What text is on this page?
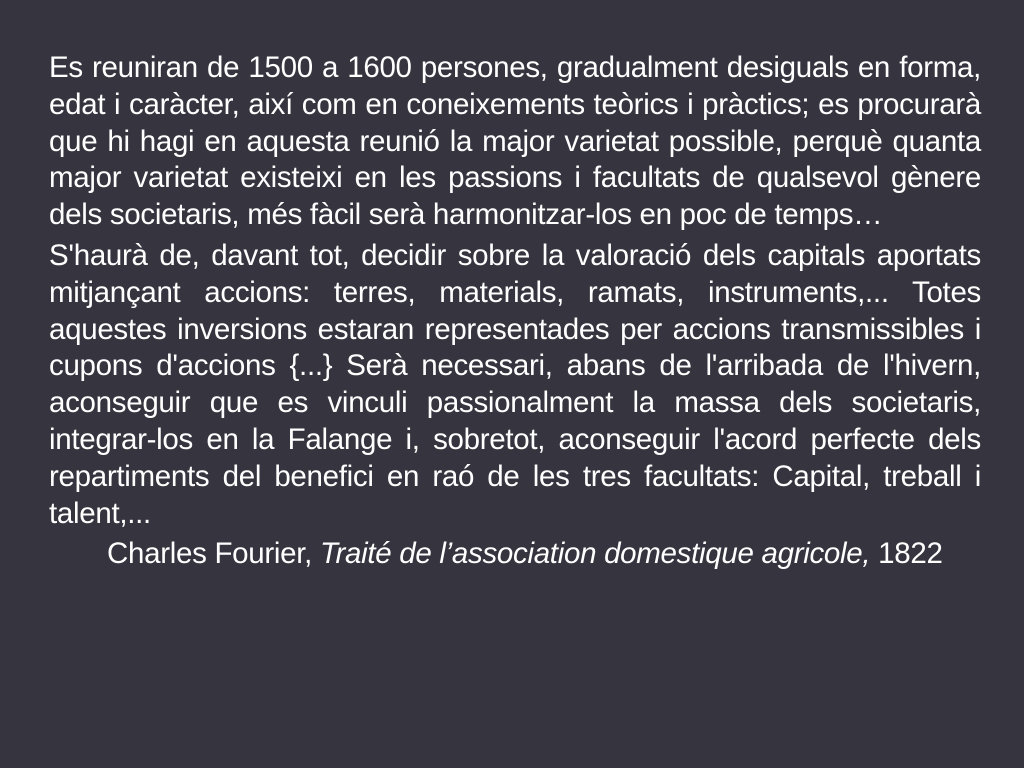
Es reuniran de 1500 a 1600 persones, gradualment desiguals en forma, edat i caràcter, així com en coneixements teòrics i pràctics; es procurarà que hi hagi en aquesta reunió la major varietat possible, perquè quanta major varietat existeixi en les passions i facultats de qualsevol gènere dels societaris, més fàcil serà harmonitzar-los en poc de temps…

S'haurà de, davant tot, decidir sobre la valoració dels capitals aportats mitjançant accions: terres, materials, ramats, instruments,... Totes aquestes inversions estaran representades per accions transmissibles i cupons d'accions {...} Serà necessari, abans de l'arribada de l'hivern, aconseguir que es vinculi passionalment la massa dels societaris, integrar-los en la Falange i, sobretot, aconseguir l'acord perfecte dels repartiments del benefici en raó de les tres facultats: Capital, treball i talent,...

Charles Fourier, Traité de l’association domestique agricole, 1822
